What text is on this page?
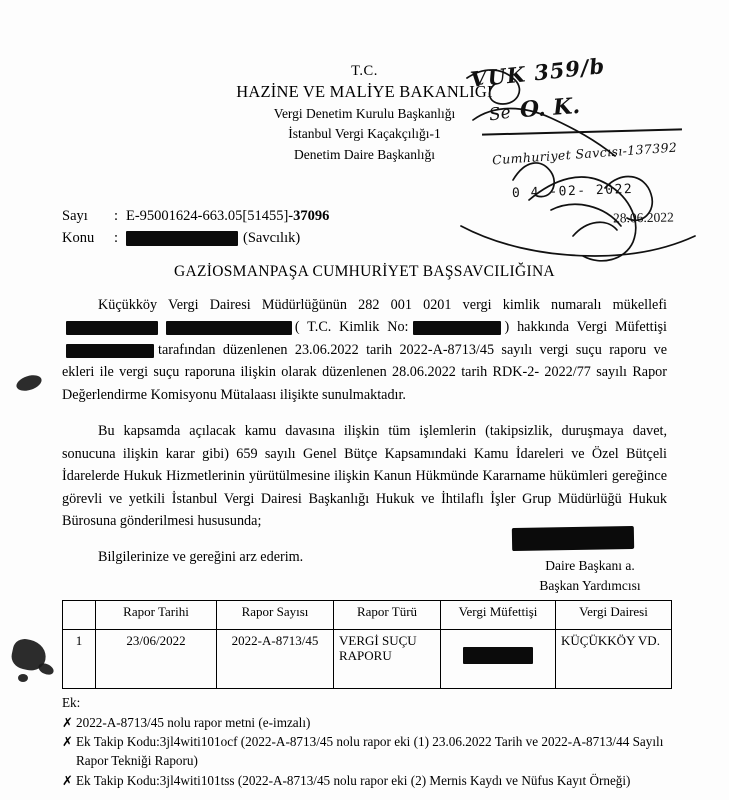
T.C.
HAZİNE VE MALİYE BAKANLIĞI
Vergi Denetim Kurulu Başkanlığı
İstanbul Vergi Kaçakçılığı-1
Denetim Daire Başkanlığı
VUK 359/b
Se O. K.
Cumhuriyet Savcısı-137392
0 4 -02- 2022
28.06.2022
Sayı	: E-95001624-663.05[51455]-37096
Konu	:	(Savcılık)
GAZİOSMANPAŞA CUMHURİYET BAŞSAVCILIĞINA

Küçükköy Vergi Dairesi Müdürlüğünün 282 001 0201 vergi kimlik numaralı mükellefi ( T.C. Kimlik No:	) hakkında Vergi Müfettişitarafından düzenlenen 23.06.2022 tarih 2022-A-8713/45 sayılı vergi suçu raporu ve ekleri ile vergi suçu raporuna ilişkin olarak düzenlenen 28.06.2022 tarih RDK-2- 2022/77 sayılı Rapor Değerlendirme Komisyonu Mütalaası ilişikte sunulmaktadır.

Bu kapsamda açılacak kamu davasına ilişkin tüm işlemlerin (takipsizlik, duruşmaya davet, sonucuna ilişkin karar gibi) 659 sayılı Genel Bütçe Kapsamındaki Kamu İdareleri ve Özel Bütçeli İdarelerde Hukuk Hizmetlerinin yürütülmesine ilişkin Kanun Hükmünde Kararname hükümleri gereğince görevli ve yetkili İstanbul Vergi Dairesi Başkanlığı Hukuk ve İhtilaflı İşler Grup Müdürlüğü Hukuk Bürosuna gönderilmesi hususunda;

Bilgilerinize ve gereğini arz ederim.

Daire Başkanı a.
Başkan Yardımcısı
	Rapor Tarihi	Rapor Sayısı	Rapor Türü	Vergi Müfettişi	Vergi Dairesi
1	23/06/2022	2022-A-8713/45	VERGİ SUÇU RAPORU		KÜÇÜKKÖY VD.
Ek:
✗ 2022-A-8713/45 nolu rapor metni (e-imzalı)
✗ Ek Takip Kodu:3jl4witi101ocf (2022-A-8713/45 nolu rapor eki (1) 23.06.2022 Tarih ve 2022-A-8713/44 Sayılı Rapor Tekniği Raporu)
✗ Ek Takip Kodu:3jl4witi101tss (2022-A-8713/45 nolu rapor eki (2) Mernis Kaydı ve Nüfus Kayıt Örneği)
